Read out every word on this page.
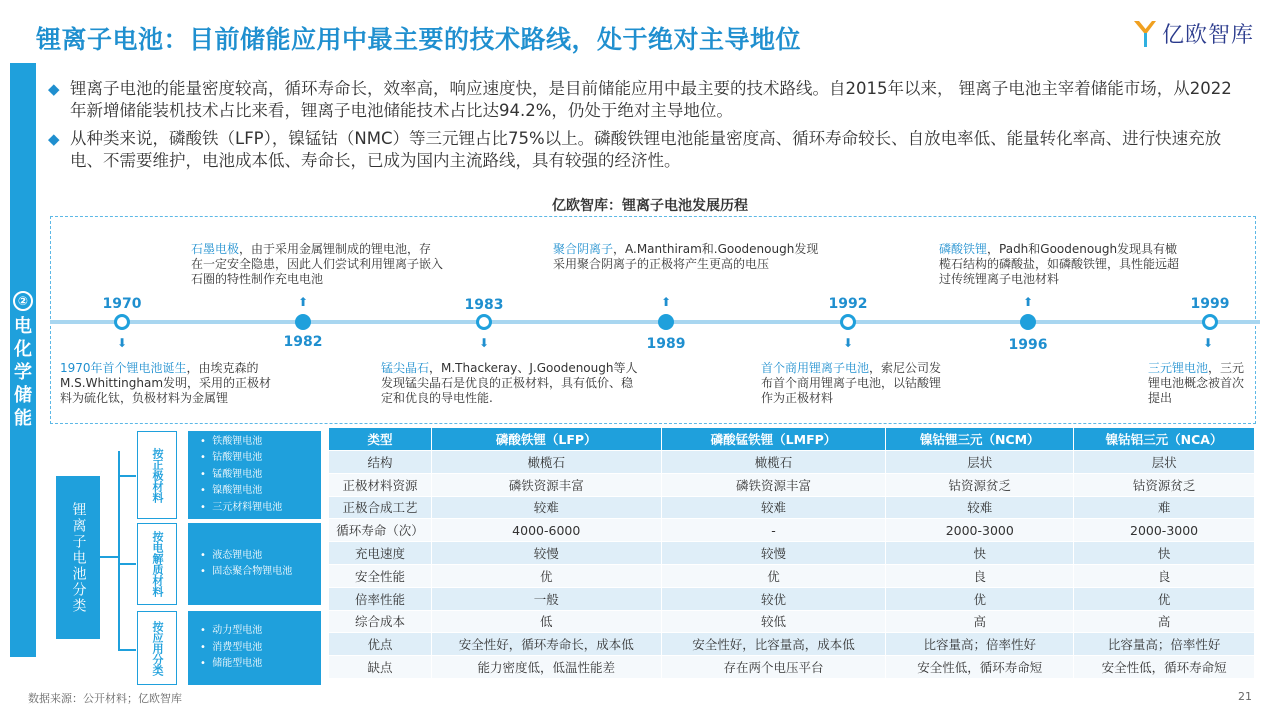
锂离子电池：目前储能应用中最主要的技术路线，处于绝对主导地位	亿欧智库
②
电
化
学
储
能
◆ 锂离子电池的能量密度较高，循环寿命长，效率高，响应速度快，是目前储能应用中最主要的技术路线。自2015年以来， 锂离子电池主宰着储能市场，从2022年新增储能装机技术占比来看，锂离子电池储能技术占比达94.2%，仍处于绝对主导地位。
◆ 从种类来说，磷酸铁（LFP），镍锰钴（NMC）等三元锂占比75%以上。磷酸铁锂电池能量密度高、循环寿命较长、自放电率低、能量转化率高、进行快速充放电、不需要维护，电池成本低、寿命长，已成为国内主流路线，具有较强的经济性。
亿欧智库：锂离子电池发展历程
1970
⬇
1970年首个锂电池诞生，由埃克森的M.S.Whittingham发明，采用的正极材料为硫化钛，负极材料为金属锂
石墨电极，由于采用金属锂制成的锂电池，存在一定安全隐患，因此人们尝试利用锂离子嵌入石圈的特性制作充电电池
⬆
1982
1983
⬇
锰尖晶石，M.Thackeray、J.Goodenough等人发现锰尖晶石是优良的正极材料，具有低价、稳定和优良的导电性能.
聚合阴离子，A.Manthiram和.Goodenough发现采用聚合阴离子的正极将产生更高的电压
⬆
1989
1992
⬇
首个商用锂离子电池，索尼公司发布首个商用锂离子电池，以钴酸锂作为正极材料
磷酸铁锂，Padh和Goodenough发现具有橄榄石结构的磷酸盐，如磷酸铁锂，具性能远超过传统锂离子电池材料
⬆
1996
1999
⬇
三元锂电池，三元锂电池概念被首次提出
锂离子电池分类
按正极材料
• 铁酸锂电池
• 钴酸锂电池
• 锰酸锂电池
• 镍酸锂电池
• 三元材料锂电池
按电解质材料	• 液态锂电池
• 固态聚合物锂电池
按应用分类	• 动力型电池
• 消费型电池
• 储能型电池
类型	磷酸铁锂（LFP）	磷酸锰铁锂（LMFP）	镍钴锂三元（NCM）	镍钴铝三元（NCA）
结构	橄榄石	橄榄石	层状	层状
正极材料资源	磷铁资源丰富	磷铁资源丰富	钴资源贫乏	钴资源贫乏
正极合成工艺	较难	较难	较难	难
循环寿命（次）	4000-6000	-	2000-3000	2000-3000
充电速度	较慢	较慢	快	快
安全性能	优	优	良	良
倍率性能	一般	较优	优	优
综合成本	低	较低	高	高
优点	安全性好，循环寿命长，成本低	安全性好，比容量高，成本低	比容量高；倍率性好	比容量高；倍率性好
缺点	能力密度低，低温性能差	存在两个电压平台	安全性低，循环寿命短	安全性低，循环寿命短
数据来源：公开材料；亿欧智库	21
